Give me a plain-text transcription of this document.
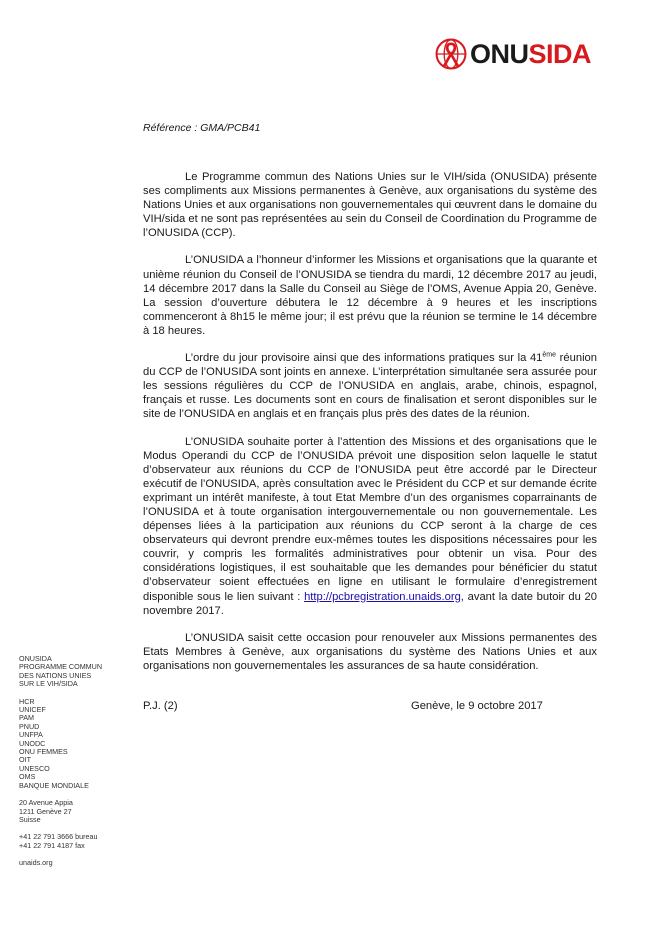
ONUSIDA
Référence : GMA/PCB41

Le Programme commun des Nations Unies sur le VIH/sida (ONUSIDA) présente ses compliments aux Missions permanentes à Genève, aux organisations du système des Nations Unies et aux organisations non gouvernementales qui œuvrent dans le domaine du VIH/sida et ne sont pas représentées au sein du Conseil de Coordination du Programme de l’ONUSIDA (CCP).

L’ONUSIDA a l’honneur d’informer les Missions et organisations que la quarante et unième réunion du Conseil de l’ONUSIDA se tiendra du mardi, 12 décembre 2017 au jeudi, 14 décembre 2017 dans la Salle du Conseil au Siège de l’OMS, Avenue Appia 20, Genève. La session d’ouverture débutera le 12 décembre à 9 heures et les inscriptions commenceront à 8h15 le même jour; il est prévu que la réunion se termine le 14 décembre à 18 heures.

L’ordre du jour provisoire ainsi que des informations pratiques sur la 41ème réunion du CCP de l’ONUSIDA sont joints en annexe. L’interprétation simultanée sera assurée pour les sessions régulières du CCP de l’ONUSIDA en anglais, arabe, chinois, espagnol, français et russe. Les documents sont en cours de finalisation et seront disponibles sur le site de l’ONUSIDA en anglais et en français plus près des dates de la réunion.

L’ONUSIDA souhaite porter à l’attention des Missions et des organisations que le Modus Operandi du CCP de l’ONUSIDA prévoit une disposition selon laquelle le statut d’observateur aux réunions du CCP de l’ONUSIDA peut être accordé par le Directeur exécutif de l’ONUSIDA, après consultation avec le Président du CCP et sur demande écrite exprimant un intérêt manifeste, à tout Etat Membre d’un des organismes coparrainants de l’ONUSIDA et à toute organisation intergouvernementale ou non gouvernementale. Les dépenses liées à la participation aux réunions du CCP seront à la charge de ces observateurs qui devront prendre eux-mêmes toutes les dispositions nécessaires pour les couvrir, y compris les formalités administratives pour obtenir un visa. Pour des considérations logistiques, il est souhaitable que les demandes pour bénéficier du statut d’observateur soient effectuées en ligne en utilisant le formulaire d’enregistrement disponible sous le lien suivant : http://pcbregistration.unaids.org, avant la date butoir du 20 novembre 2017.

L’ONUSIDA saisit cette occasion pour renouveler aux Missions permanentes des Etats Membres à Genève, aux organisations du système des Nations Unies et aux organisations non gouvernementales les assurances de sa haute considération.

ONUSIDA
PROGRAMME COMMUN
DES NATIONS UNIES
SUR LE VIH/SIDA
HCR
UNICEF
PAM
PNUD
UNFPA
UNODC
ONU FEMMES
OIT
UNESCO
OMS
BANQUE MONDIALE
20 Avenue Appia
1211 Genève 27
Suisse
+41 22 791 3666 bureau
+41 22 791 4187 fax
unaids.org
P.J. (2)	Genève, le 9 octobre 2017
